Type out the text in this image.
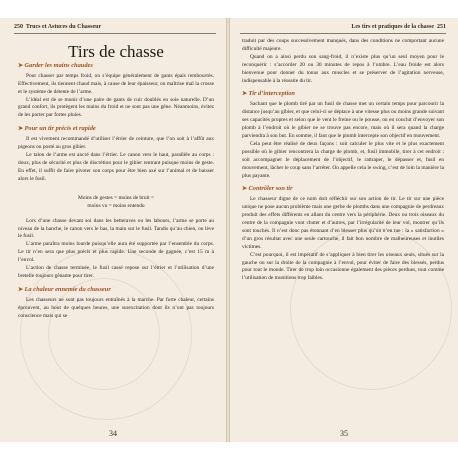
250 Trucs et Astuces du Chasseur
Tirs de chasse
➤ Garder les mains chaudes

Pour chasser par temps froid, on s’équipe généralement de gants épais rembourrés. Effectivement, ils tiennent chaud mais, à cause de leur épaisseur, on maîtrise mal la crosse et le système de détente de l’arme.

L’idéal est de se munir d’une paire de gants de cuir doublés en soie naturelle. D’un grand confort, ils protègent les mains du froid et ne sont pas une gêne. Néanmoins, évitez de les porter par fortes pluies.

➤ Pour un tir précis et rapide

Il est vivement recommandé d’utiliser l’étrier de ceinture, que l’on soit à l’affût aux pigeons ou posté au gros gibier.

Le talon de l’arme est ancré dans l’étrier. Le canon vers le haut, parallèle au corps : doux, plus de sécurité et plus de discrétion pour le gibier rentrant puisque moins de geste. En effet, il suffit de faire pivoter son corps pour être bien axé sur l’animal et de baisser alors le fusil.

Moins de gestes = moins de bruit =
moins vu = moins entendu

Lors d’une chasse devant soi dans les betteraves ou les labours, l’arme se porte au niveau de la hanche, le canon vers le bas, la main sur le fusil. Tandis qu’au chien, on lève le fusil.

L’arme paraîtra moins lourde puisqu’elle aura été supportée par l’ensemble du corps. Le tir n’en sera que plus précis et plus rapide. Une seconde de gagnée, c’est 15 m à l’envol.

L’action de chasse terminée, le fusil cassé repose sur l’étrier et l’utilisation d’une bretelle toujours gênante pour tirer.

➤ La chaleur ennemie du chasseur

Les chasseurs ne sont pas toujours entraînés à la marche. Par forte chaleur, certains éprouvent, au bout de quelques heures, une surexcitation dont ils n’ont pas toujours conscience mais qui se

34
Les tirs et pratiques de la chasse 251

traduit par des coups successivement manqués, dans des conditions ne comportant aucune difficulté majeure.

Quand on a ainsi perdu son sang-froid, il n’existe plus qu’un seul moyen pour le reconquérir : s’accorder 20 ou 30 minutes de repos à l’ombre. L’eau froide est alors bienvenue pour donner du tonus aux muscles et se préserver de l’agitation nerveuse, indispensable à la réussite du tir.

➤ Tir d’interception

Sachant que le plomb tiré par un fusil de chasse met un certain temps pour parcourir la distance jusqu’au gibier, et que celui-ci se déplace à une vitesse plus ou moins grande suivant ses capacités propres et selon que le vent le freine ou le pousse, on en conclut d’envoyer son plomb à l’endroit où le gibier ne se trouve pas encore, mais où il sera quand la charge parviendra à son but. En somme, il faut que le plomb intercepte son objectif en mouvement.

Cela peut être réalisé de deux façons : soit calculer le plus vite et le plus exactement possible où le gibier rencontrera la charge de plomb, et, fusil immobile, tirer à cet endroit ; soit accompagner le déplacement de l’objectif, le rattraper, le dépasser et, fusil en mouvement, lâcher le coup sans l’arrêter. On appelle cela le swing, c’est de loin la manière la plus payante.

➤ Contrôler son tir

Le chasseur digne de ce nom doit réfléchir sur son action de tir. Le tir sur une pièce unique ne pose aucun problème mais une gerbe de plombs dans une compagnie de perdreaux produit des effets différents en allant du centre vers la périphérie. Deux ou trois oiseaux du centre de la compagnie vont chuter et d’autres, par l’irrégularité de leur vol, montrer qu’ils sont touchés. Il n’est donc pas étonnant d’en blesser plus qu’on n’en tue : la « satisfaction » d’un gros résultat avec une seule cartouche, il fait bon nombre de malheureuses et inutiles victimes.

C’est pourquoi, il est impératif de s’appliquer à bien tirer les oiseaux seuls, situés sur la gauche ou sur la droite de la compagnie à l’envol, pour éviter de faire des blessés, perdus pour tout le monde. Tirer de trop loin occasionne également des pièces perdues, tout comme l’utilisation de munitions trop faibles.

35
